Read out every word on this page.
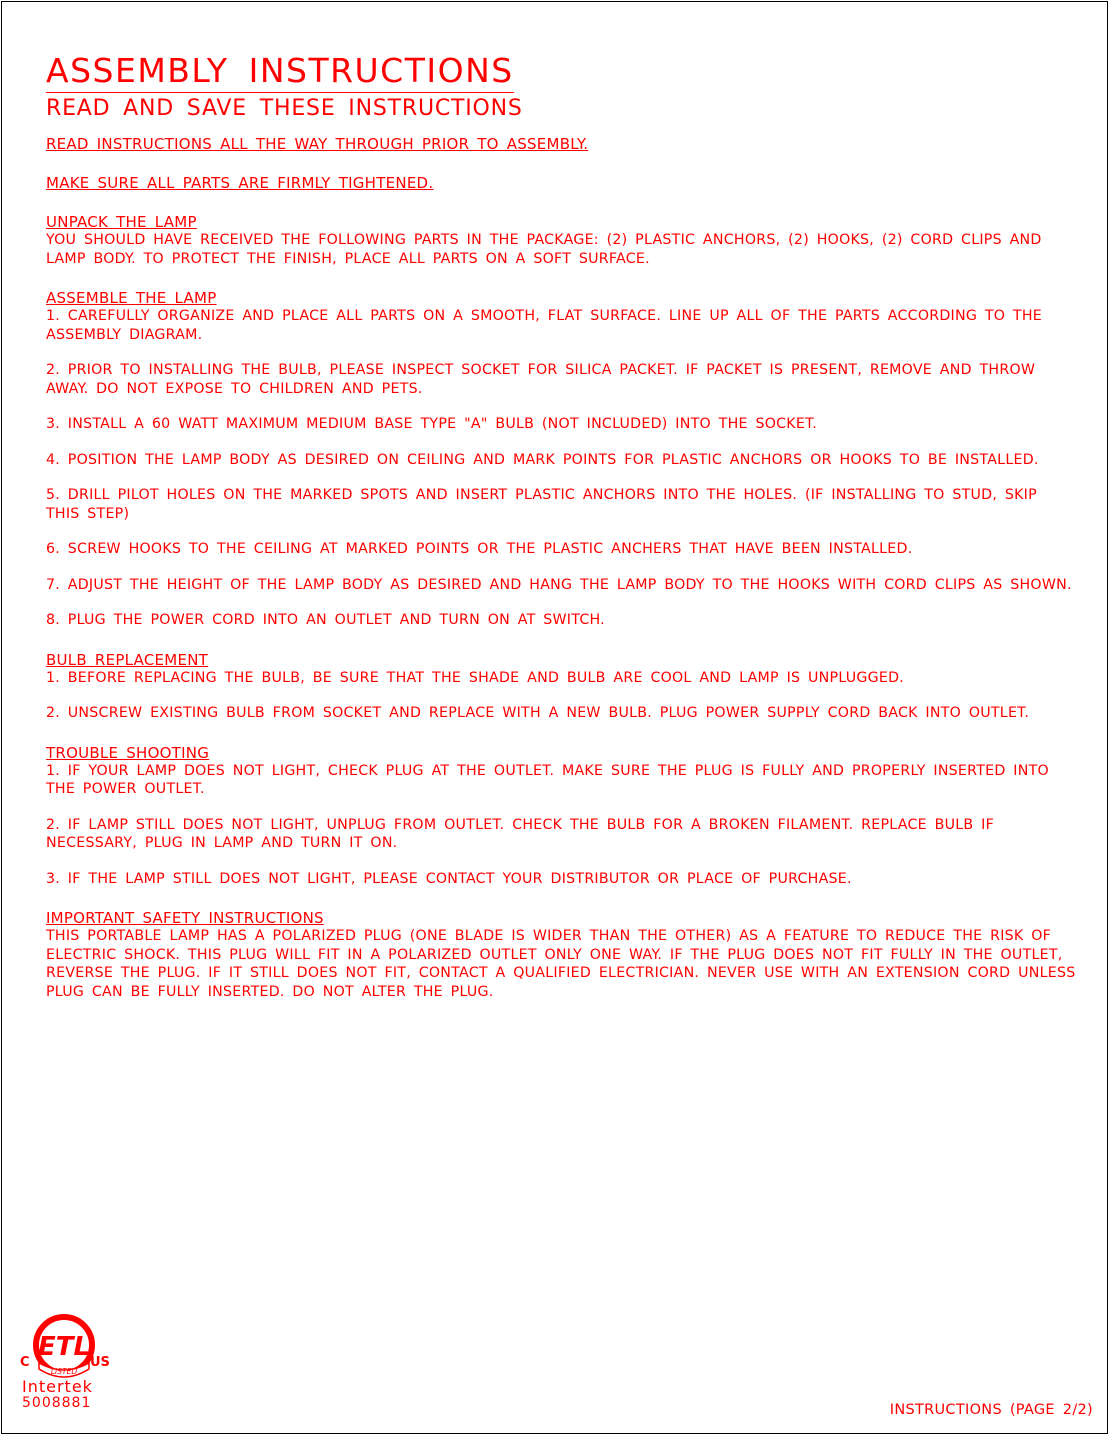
ASSEMBLY INSTRUCTIONS
READ AND SAVE THESE INSTRUCTIONS

READ INSTRUCTIONS ALL THE WAY THROUGH PRIOR TO ASSEMBLY.

MAKE SURE ALL PARTS ARE FIRMLY TIGHTENED.

UNPACK THE LAMP

YOU SHOULD HAVE RECEIVED THE FOLLOWING PARTS IN THE PACKAGE: (2) PLASTIC ANCHORS, (2) HOOKS, (2) CORD CLIPS AND LAMP BODY. TO PROTECT THE FINISH, PLACE ALL PARTS ON A SOFT SURFACE.

ASSEMBLE THE LAMP

1. CAREFULLY ORGANIZE AND PLACE ALL PARTS ON A SMOOTH, FLAT SURFACE. LINE UP ALL OF THE PARTS ACCORDING TO THE ASSEMBLY DIAGRAM.

2. PRIOR TO INSTALLING THE BULB, PLEASE INSPECT SOCKET FOR SILICA PACKET. IF PACKET IS PRESENT, REMOVE AND THROW AWAY. DO NOT EXPOSE TO CHILDREN AND PETS.

3. INSTALL A 60 WATT MAXIMUM MEDIUM BASE TYPE "A" BULB (NOT INCLUDED) INTO THE SOCKET.

4. POSITION THE LAMP BODY AS DESIRED ON CEILING AND MARK POINTS FOR PLASTIC ANCHORS OR HOOKS TO BE INSTALLED.

5. DRILL PILOT HOLES ON THE MARKED SPOTS AND INSERT PLASTIC ANCHORS INTO THE HOLES. (IF INSTALLING TO STUD, SKIP THIS STEP)

6. SCREW HOOKS TO THE CEILING AT MARKED POINTS OR THE PLASTIC ANCHERS THAT HAVE BEEN INSTALLED.

7. ADJUST THE HEIGHT OF THE LAMP BODY AS DESIRED AND HANG THE LAMP BODY TO THE HOOKS WITH CORD CLIPS AS SHOWN.

8. PLUG THE POWER CORD INTO AN OUTLET AND TURN ON AT SWITCH.

BULB REPLACEMENT

1. BEFORE REPLACING THE BULB, BE SURE THAT THE SHADE AND BULB ARE COOL AND LAMP IS UNPLUGGED.

2. UNSCREW EXISTING BULB FROM SOCKET AND REPLACE WITH A NEW BULB. PLUG POWER SUPPLY CORD BACK INTO OUTLET.

TROUBLE SHOOTING

1. IF YOUR LAMP DOES NOT LIGHT, CHECK PLUG AT THE OUTLET. MAKE SURE THE PLUG IS FULLY AND PROPERLY INSERTED INTO THE POWER OUTLET.

2. IF LAMP STILL DOES NOT LIGHT, UNPLUG FROM OUTLET. CHECK THE BULB FOR A BROKEN FILAMENT. REPLACE BULB IF NECESSARY, PLUG IN LAMP AND TURN IT ON.

3. IF THE LAMP STILL DOES NOT LIGHT, PLEASE CONTACT YOUR DISTRIBUTOR OR PLACE OF PURCHASE.

IMPORTANT SAFETY INSTRUCTIONS

THIS PORTABLE LAMP HAS A POLARIZED PLUG (ONE BLADE IS WIDER THAN THE OTHER) AS A FEATURE TO REDUCE THE RISK OF ELECTRIC SHOCK. THIS PLUG WILL FIT IN A POLARIZED OUTLET ONLY ONE WAY. IF THE PLUG DOES NOT FIT FULLY IN THE OUTLET, REVERSE THE PLUG. IF IT STILL DOES NOT FIT, CONTACT A QUALIFIED ELECTRICIAN. NEVER USE WITH AN EXTENSION CORD UNLESS PLUG CAN BE FULLY INSERTED. DO NOT ALTER THE PLUG.

ETL
C	US
LISTED
Intertek
5008881	INSTRUCTIONS (PAGE 2/2)
